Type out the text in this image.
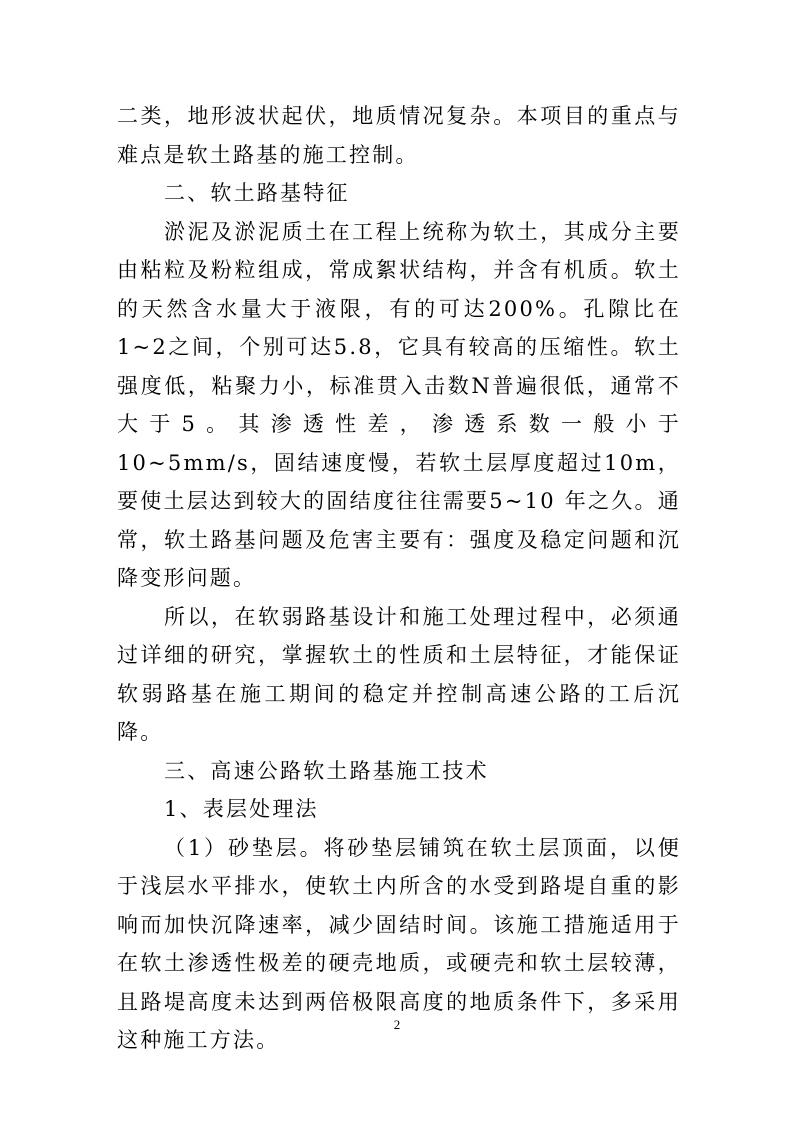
二类，地形波状起伏，地质情况复杂。本项目的重点与难点是软土路基的施工控制。

二、软土路基特征

淤泥及淤泥质土在工程上统称为软土，其成分主要由粘粒及粉粒组成，常成絮状结构，并含有机质。软土的天然含水量大于液限，有的可达200%。孔隙比在1~2之间，个别可达5.8，它具有较高的压缩性。软土强度低，粘聚力小，标准贯入击数N普遍很低，通常不大于5。其渗透性差，渗透系数一般小于10~5mm/s，固结速度慢，若软土层厚度超过10m，要使土层达到较大的固结度往往需要5~10 年之久。通常，软土路基问题及危害主要有：强度及稳定问题和沉降变形问题。

所以，在软弱路基设计和施工处理过程中，必须通过详细的研究，掌握软土的性质和土层特征，才能保证软弱路基在施工期间的稳定并控制高速公路的工后沉降。

三、高速公路软土路基施工技术

1、表层处理法

（1）砂垫层。将砂垫层铺筑在软土层顶面，以便于浅层水平排水，使软土内所含的水受到路堤自重的影响而加快沉降速率，减少固结时间。该施工措施适用于在软土渗透性极差的硬壳地质，或硬壳和软土层较薄，且路堤高度未达到两倍极限高度的地质条件下，多采用这种施工方法。

2
